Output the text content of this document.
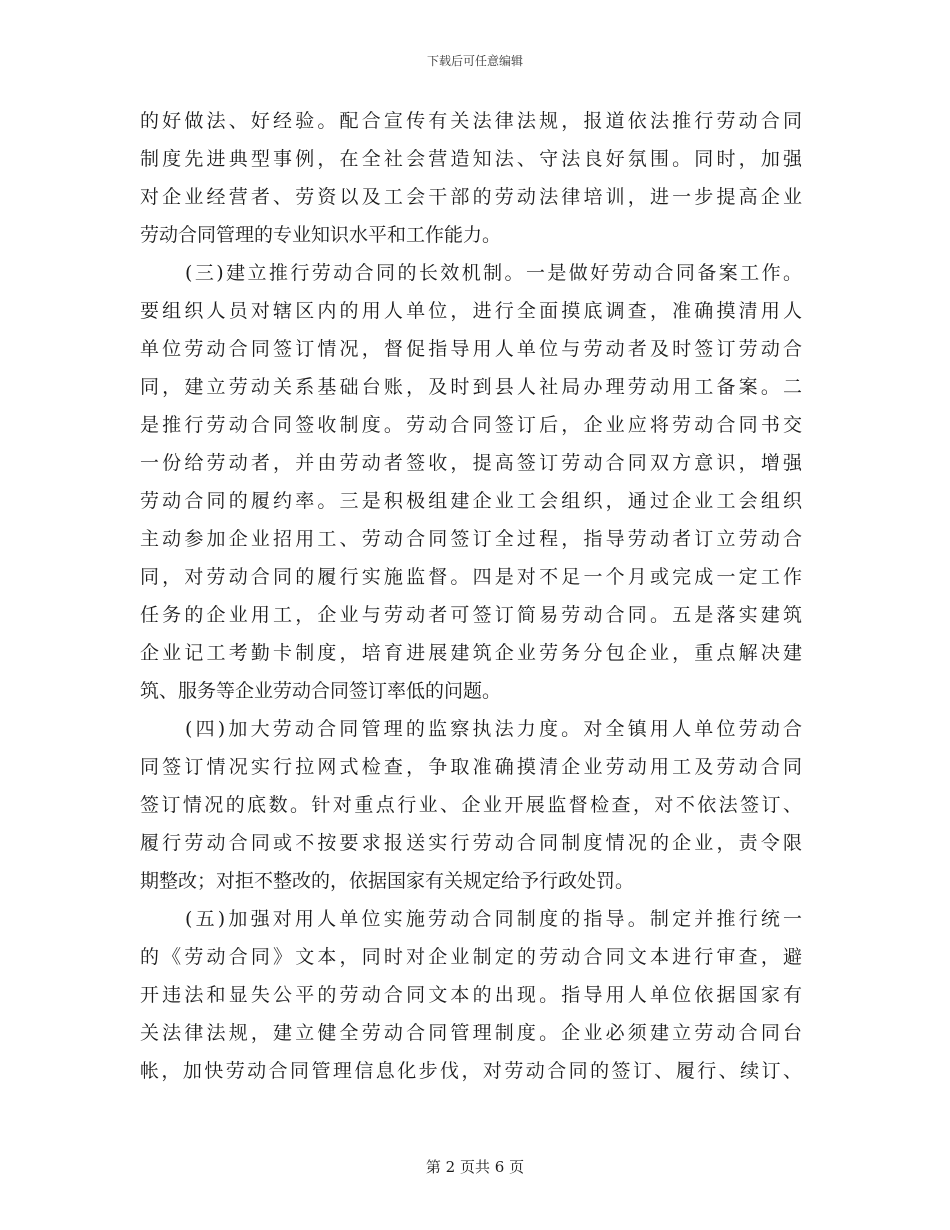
下载后可任意编辑
的好做法、好经验。配合宣传有关法律法规，报道依法推行劳动合同
制度先进典型事例，在全社会营造知法、守法良好氛围。同时，加强
对企业经营者、劳资以及工会干部的劳动法律培训，进一步提高企业
劳动合同管理的专业知识水平和工作能力。
(三)建立推行劳动合同的长效机制。一是做好劳动合同备案工作。
要组织人员对辖区内的用人单位，进行全面摸底调查，准确摸清用人
单位劳动合同签订情况，督促指导用人单位与劳动者及时签订劳动合
同，建立劳动关系基础台账，及时到县人社局办理劳动用工备案。二
是推行劳动合同签收制度。劳动合同签订后，企业应将劳动合同书交
一份给劳动者，并由劳动者签收，提高签订劳动合同双方意识，增强
劳动合同的履约率。三是积极组建企业工会组织，通过企业工会组织
主动参加企业招用工、劳动合同签订全过程，指导劳动者订立劳动合
同，对劳动合同的履行实施监督。四是对不足一个月或完成一定工作
任务的企业用工，企业与劳动者可签订简易劳动合同。五是落实建筑
企业记工考勤卡制度，培育进展建筑企业劳务分包企业，重点解决建
筑、服务等企业劳动合同签订率低的问题。
(四)加大劳动合同管理的监察执法力度。对全镇用人单位劳动合
同签订情况实行拉网式检查，争取准确摸清企业劳动用工及劳动合同
签订情况的底数。针对重点行业、企业开展监督检查，对不依法签订、
履行劳动合同或不按要求报送实行劳动合同制度情况的企业，责令限
期整改；对拒不整改的，依据国家有关规定给予行政处罚。
(五)加强对用人单位实施劳动合同制度的指导。制定并推行统一
的《劳动合同》文本，同时对企业制定的劳动合同文本进行审查，避
开违法和显失公平的劳动合同文本的出现。指导用人单位依据国家有
关法律法规，建立健全劳动合同管理制度。企业必须建立劳动合同台
帐，加快劳动合同管理信息化步伐，对劳动合同的签订、履行、续订、
第 2 页共 6 页
